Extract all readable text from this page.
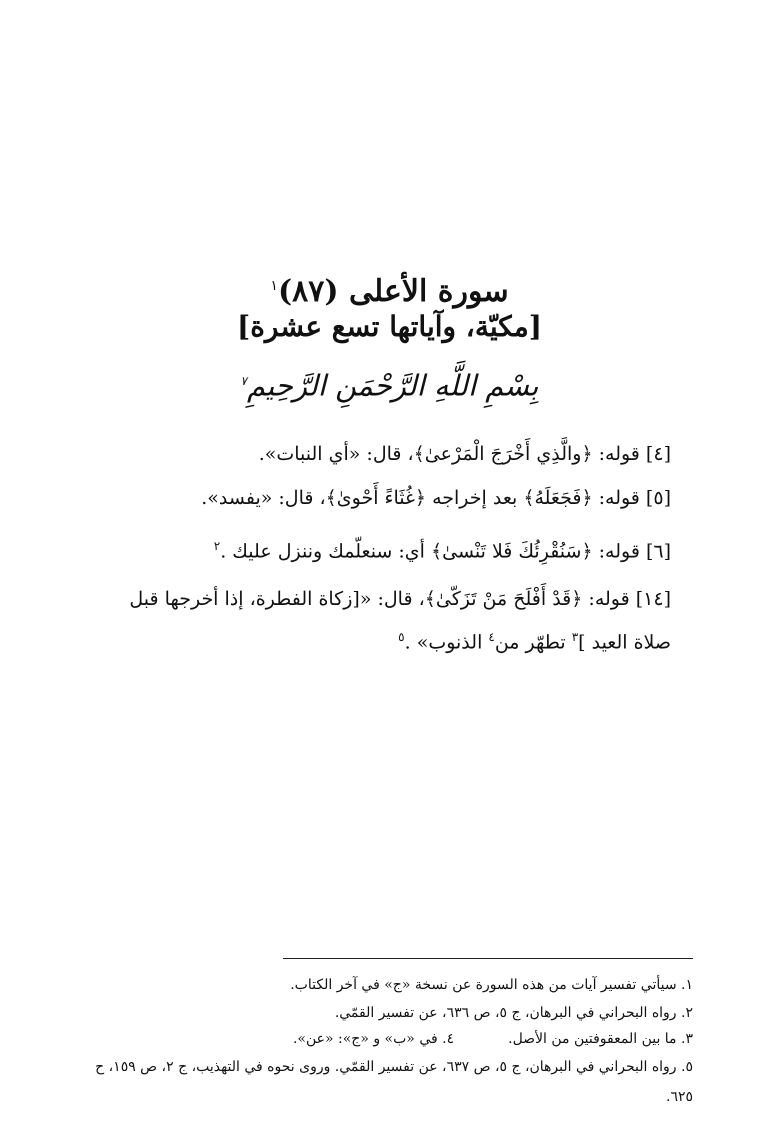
سورة الأعلى (٨٧)$^١$
[مكيّة، وآياتها تسع عشرة]
بِسْمِ اللَّهِ الرَّحْمَنِ الرَّحِيمِ$^٧$
[٤] قوله: ﴿والَّذِي أَخْرَجَ الْمَرْعىٰ﴾، قال: «أي النبات».
[٥] قوله: ﴿فَجَعَلَهُ﴾ بعد إخراجه ﴿غُثَاءً أَحْوىٰ﴾، قال: «يفسد».
[٦] قوله: ﴿سَنُقْرِئُكَ فَلا تَنْسىٰ﴾ أي: سنعلّمك وننزل عليك .$^٢$
[١٤] قوله: ﴿قَدْ أَفْلَحَ مَنْ تَزَكّىٰ﴾، قال: «[زكاة الفطرة، إذا أخرجها قبل صلاة العيد ]$^٣$ تطهّر من$^٤$ الذنوب» .$^٥$
١. سيأتي تفسير آيات من هذه السورة عن نسخة «ج» في آخر الكتاب.
٢. رواه البحراني في البرهان، ج ٥، ص ٦٣٦، عن تفسير القمّي.
٣. ما بين المعقوفتين من الأصل.٤. في «ب» و «ج»: «عن».
٥. رواه البحراني في البرهان، ج ٥، ص ٦٣٧، عن تفسير القمّي. وروى نحوه في التهذيب، ج ٢، ص ١٥٩، ح ٦٢٥.
